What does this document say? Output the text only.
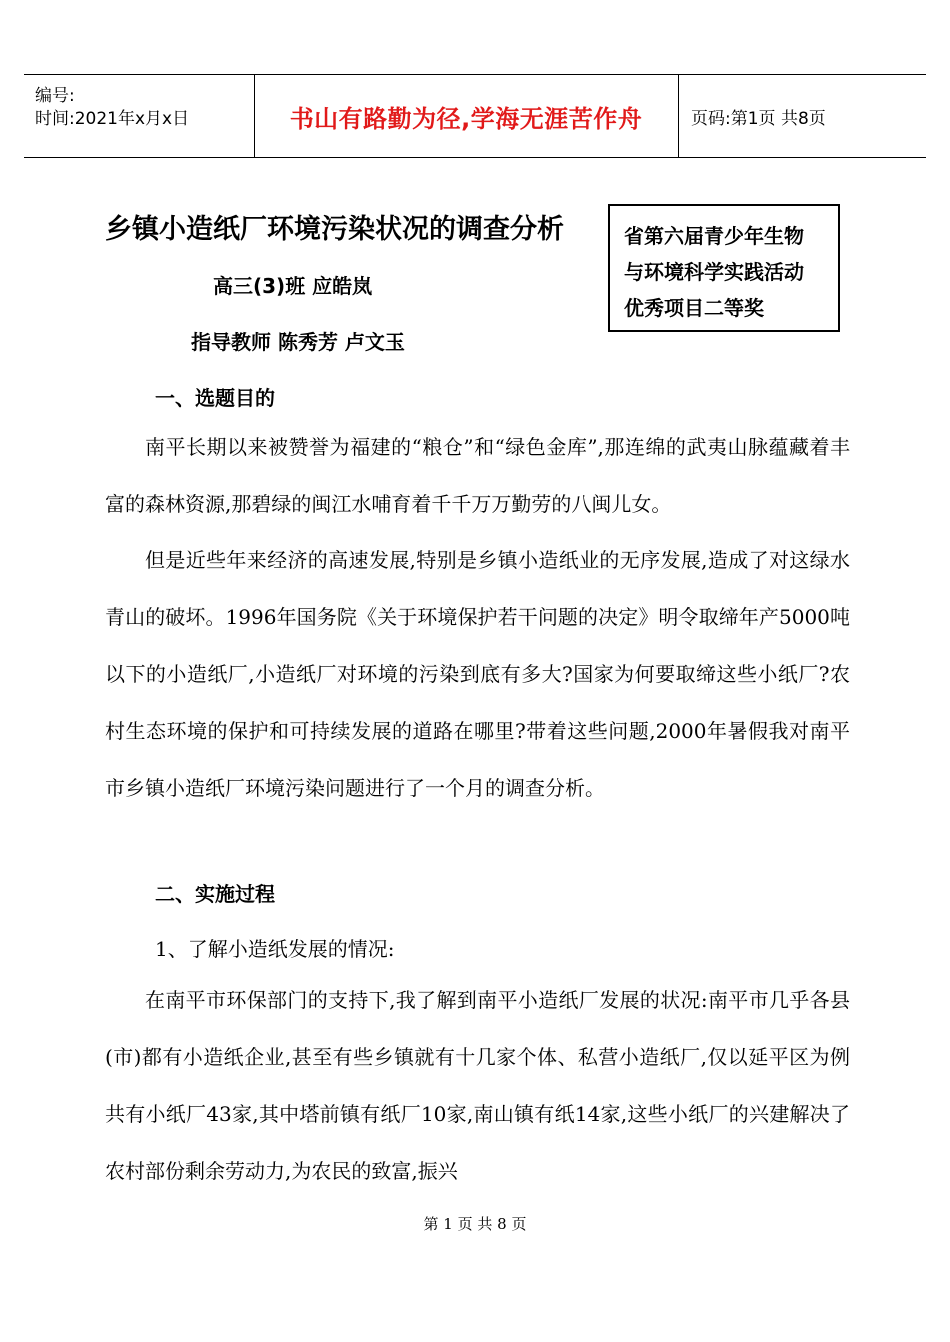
编号:
时间:2021年x月x日	书山有路勤为径,学海无涯苦作舟	页码:第1页 共8页
乡镇小造纸厂环境污染状况的调查分析	省第六届青少年生物
与环境科学实践活动
优秀项目二等奖
高三(3)班 应皓岚
指导教师 陈秀芳 卢文玉
一、选题目的

南平长期以来被赞誉为福建的“粮仓”和“绿色金库”,那连绵的武夷山脉蕴藏着丰富的森林资源,那碧绿的闽江水哺育着千千万万勤劳的八闽儿女。

但是近些年来经济的高速发展,特别是乡镇小造纸业的无序发展,造成了对这绿水青山的破坏。1996年国务院《关于环境保护若干问题的决定》明令取缔年产5000吨以下的小造纸厂,小造纸厂对环境的污染到底有多大?国家为何要取缔这些小纸厂?农村生态环境的保护和可持续发展的道路在哪里?带着这些问题,2000年暑假我对南平市乡镇小造纸厂环境污染问题进行了一个月的调查分析。

二、实施过程
1、了解小造纸发展的情况:

在南平市环保部门的支持下,我了解到南平小造纸厂发展的状况:南平市几乎各县(市)都有小造纸企业,甚至有些乡镇就有十几家个体、私营小造纸厂,仅以延平区为例共有小纸厂43家,其中塔前镇有纸厂10家,南山镇有纸14家,这些小纸厂的兴建解决了农村部份剩余劳动力,为农民的致富,振兴

第 1 页 共 8 页
